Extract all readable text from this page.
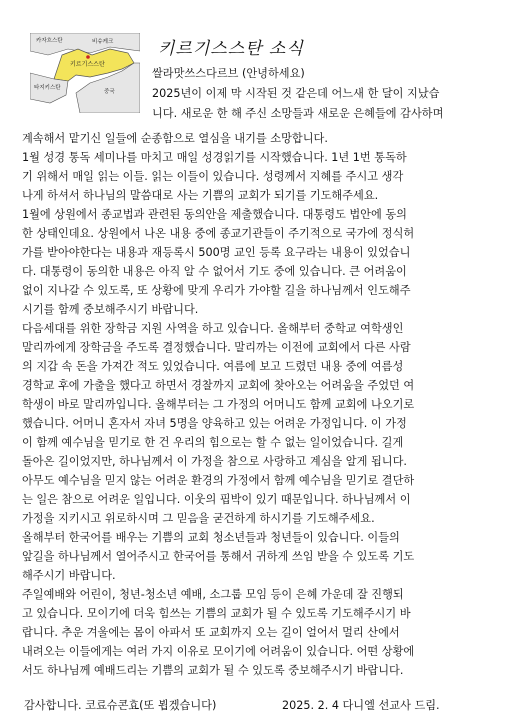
카자흐스탄
키르기스스탄
타지키스탄
비슈케크
중국
키르기스스탄 소식
쌀라맛쓰스다르브 (안녕하세요)
2025년이 이제 막 시작된 것 같은데 어느새 한 달이 지났습
니다. 새로운 한 해 주신 소망들과 새로운 은혜들에 감사하며
계속해서 맡기신 일들에 순종함으로 열심을 내기를 소망합니다.
1월 성경 통독 세미나를 마치고 매일 성경읽기를 시작했습니다. 1년 1번 통독하
기 위해서 매일 읽는 이들. 읽는 이들이 있습니다. 성령께서 지혜를 주시고 생각
나게 하셔서 하나님의 말씀대로 사는 기쁨의 교회가 되기를 기도해주세요.
1월에 상원에서 종교법과 관련된 동의안을 제출했습니다. 대통령도 법안에 동의
한 상태인데요. 상원에서 나온 내용 중에 종교기관들이 주기적으로 국가에 정식허
가를 받아야한다는 내용과 재등록시 500명 교인 등록 요구라는 내용이 있었습니
다. 대통령이 동의한 내용은 아직 알 수 없어서 기도 중에 있습니다. 큰 어려움이
없이 지나갈 수 있도록, 또 상황에 맞게 우리가 가야할 길을 하나님께서 인도해주
시기를 함께 중보해주시기 바랍니다.
다음세대를 위한 장학금 지원 사역을 하고 있습니다. 올해부터 중학교 여학생인
말리까에게 장학금을 주도록 결정했습니다. 말리까는 이전에 교회에서 다른 사람
의 지갑 속 돈을 가져간 적도 있었습니다. 여름에 보고 드렸던 내용 중에 여름성
경학교 후에 가출을 했다고 하면서 경찰까지 교회에 찾아오는 어려움을 주었던 여
학생이 바로 말리까입니다. 올해부터는 그 가정의 어머니도 함께 교회에 나오기로
했습니다. 어머니 혼자서 자녀 5명을 양육하고 있는 어려운 가정입니다. 이 가정
이 함께 예수님을 믿기로 한 건 우리의 힘으로는 할 수 없는 일이었습니다. 길게
돌아온 길이었지만, 하나님께서 이 가정을 참으로 사랑하고 계심을 알게 됩니다.
아무도 예수님을 믿지 않는 어려운 환경의 가정에서 함께 예수님을 믿기로 결단하
는 일은 참으로 어려운 일입니다. 이웃의 핍박이 있기 때문입니다. 하나님께서 이
가정을 지키시고 위로하시며 그 믿음을 굳건하게 하시기를 기도해주세요.
올해부터 한국어를 배우는 기쁨의 교회 청소년들과 청년들이 있습니다. 이들의
앞길을 하나님께서 열어주시고 한국어를 통해서 귀하게 쓰임 받을 수 있도록 기도
해주시기 바랍니다.
주일예배와 어린이, 청년-청소년 예배, 소그룹 모임 등이 은혜 가운데 잘 진행되
고 있습니다. 모이기에 더욱 힘쓰는 기쁨의 교회가 될 수 있도록 기도해주시기 바
랍니다. 추운 겨울에는 몸이 아파서 또 교회까지 오는 길이 얼어서 멀리 산에서
내려오는 이들에게는 여러 가지 이유로 모이기에 어려움이 있습니다. 어떤 상황에
서도 하나님께 예배드리는 기쁨의 교회가 될 수 있도록 중보해주시기 바랍니다.
감사합니다. 코료슈콘효(또 뵙겠습니다)	2025. 2. 4 다니엘 선교사 드림.
